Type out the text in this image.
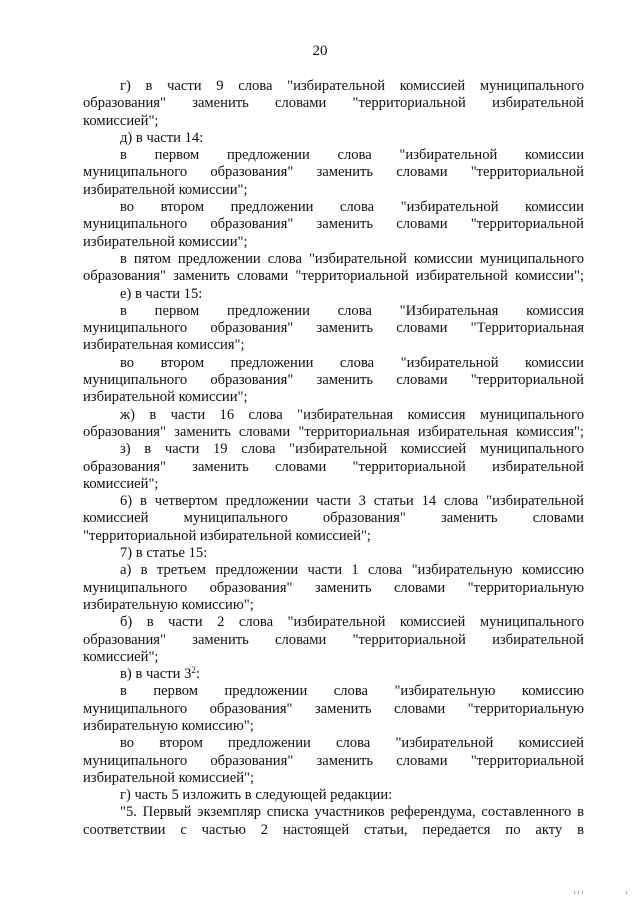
20
г) в части 9 слова "избирательной комиссией муниципального
образования" заменить словами "территориальной избирательной
комиссией";
д) в части 14:
в первом предложении слова "избирательной комиссии
муниципального образования" заменить словами "территориальной
избирательной комиссии";
во втором предложении слова "избирательной комиссии
муниципального образования" заменить словами "территориальной
избирательной комиссии";
в пятом предложении слова "избирательной комиссии муниципального
образования" заменить словами "территориальной избирательной комиссии";
е) в части 15:
в первом предложении слова "Избирательная комиссия
муниципального образования" заменить словами "Территориальная
избирательная комиссия";
во втором предложении слова "избирательной комиссии
муниципального образования" заменить словами "территориальной
избирательной комиссии";
ж) в части 16 слова "избирательная комиссия муниципального
образования" заменить словами "территориальная избирательная комиссия";
з) в части 19 слова "избирательной комиссией муниципального
образования" заменить словами "территориальной избирательной
комиссией";
6) в четвертом предложении части 3 статьи 14 слова "избирательной
комиссией муниципального образования" заменить словами
"территориальной избирательной комиссией";
7) в статье 15:
а) в третьем предложении части 1 слова "избирательную комиссию
муниципального образования" заменить словами "территориальную
избирательную комиссию";
б) в части 2 слова "избирательной комиссией муниципального
образования" заменить словами "территориальной избирательной
комиссией";
в) в части $3^2$:
в первом предложении слова "избирательную комиссию
муниципального образования" заменить словами "территориальную
избирательную комиссию";
во втором предложении слова "избирательной комиссией
муниципального образования" заменить словами "территориальной
избирательной комиссией";
г) часть 5 изложить в следующей редакции:
"5. Первый экземпляр списка участников референдума, составленного в
соответствии с частью 2 настоящей статьи, передается по акту в
ııı	ı
